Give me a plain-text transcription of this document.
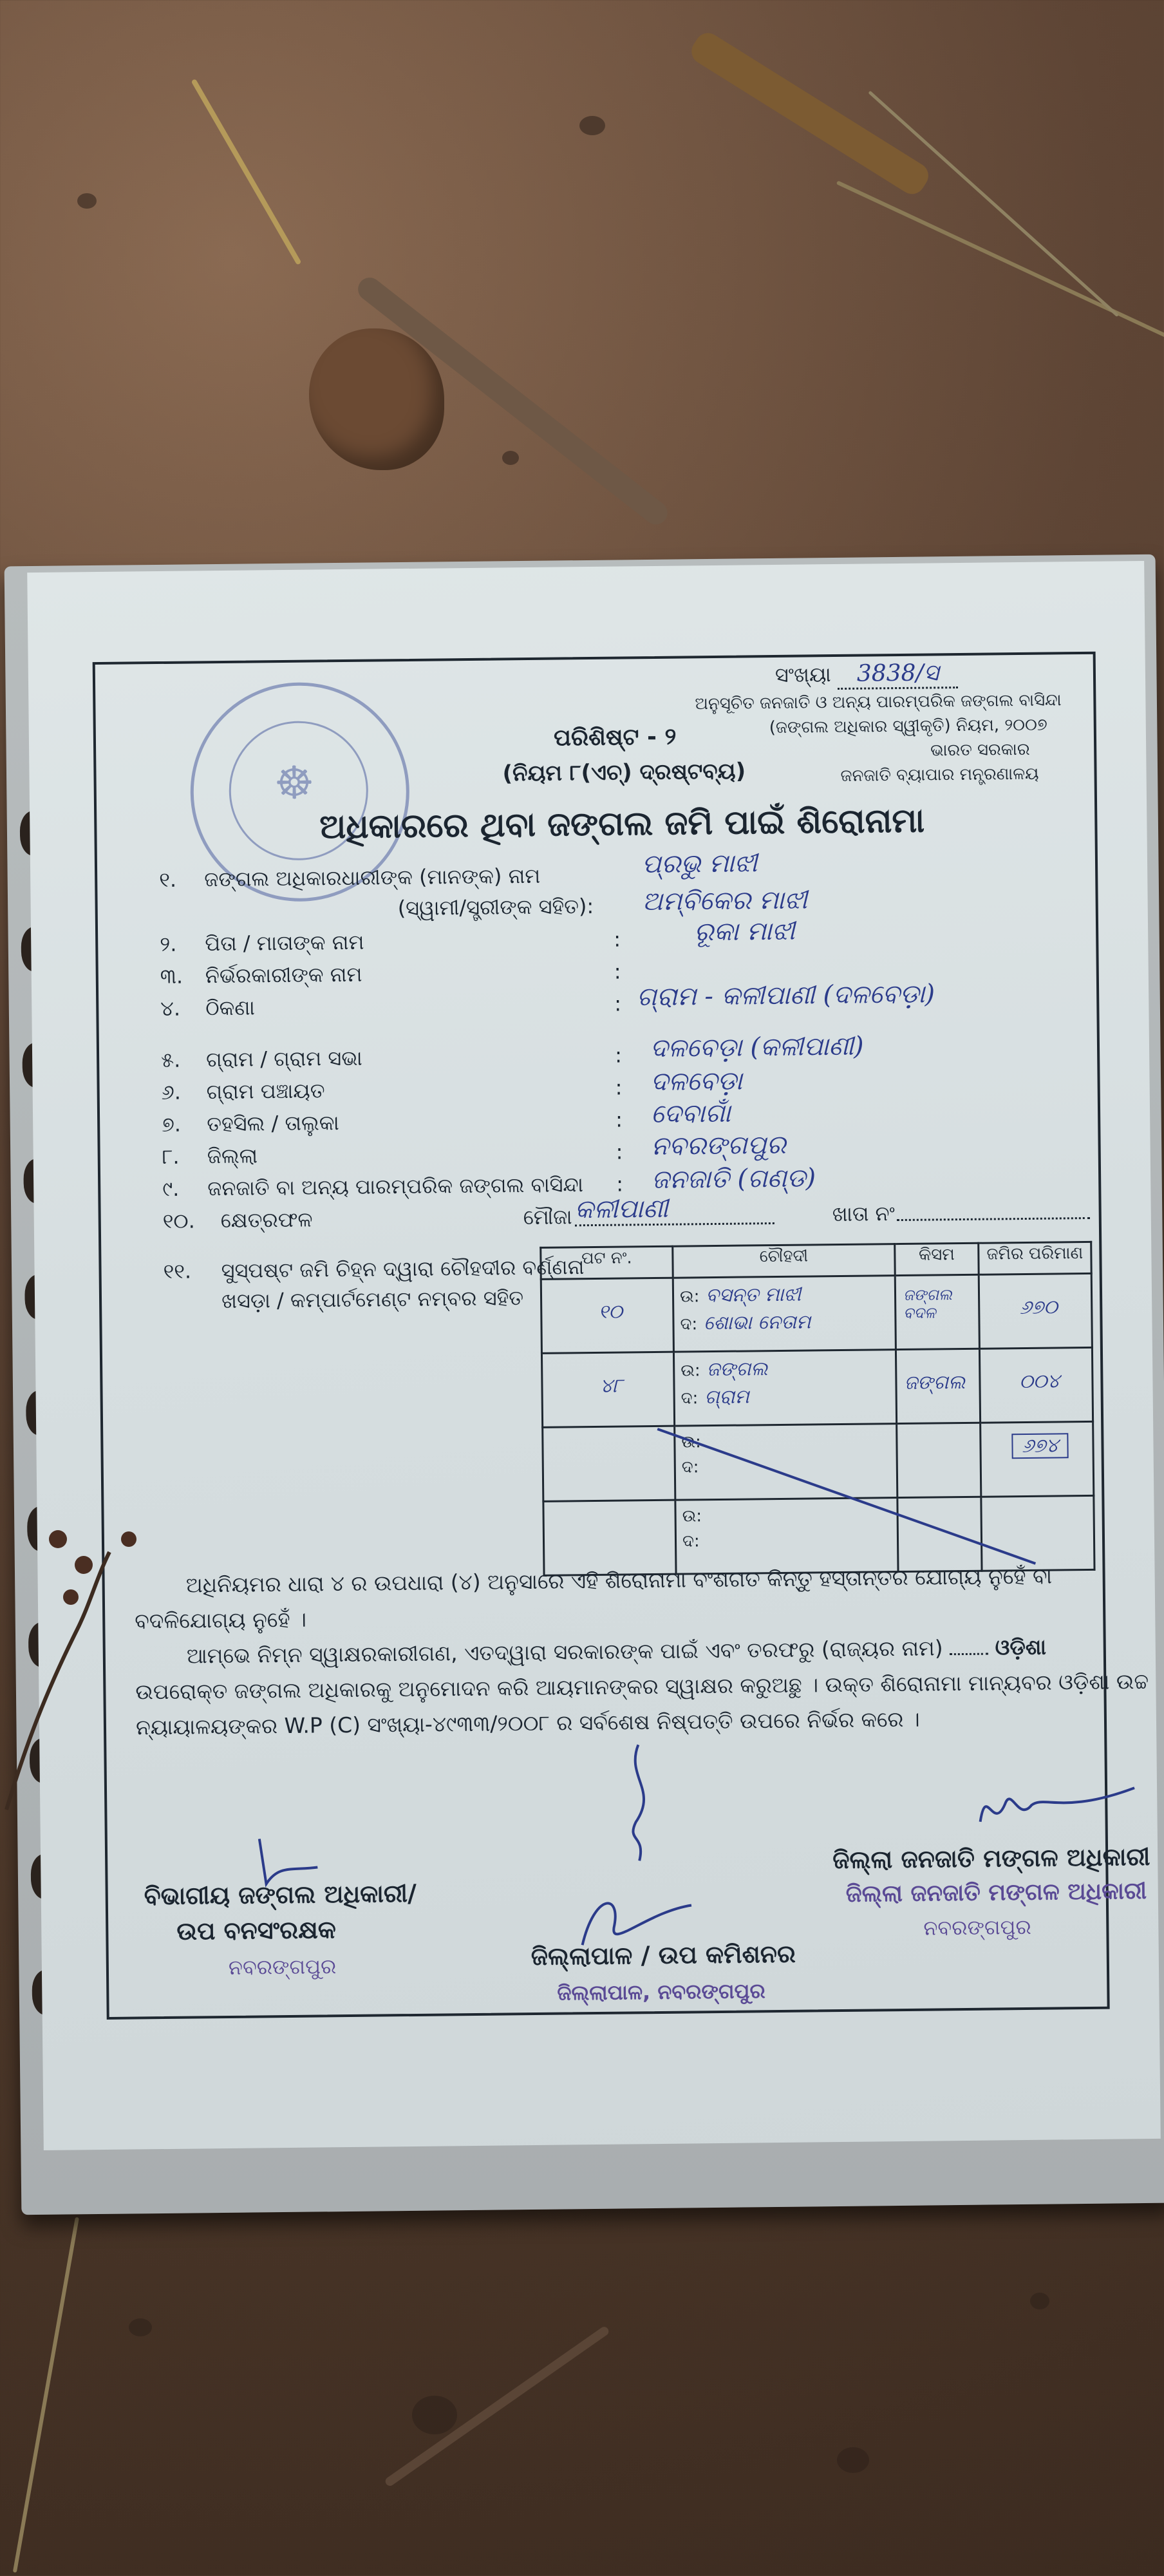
☸
ସଂଖ୍ୟା 3838/ସ
ଅନୁସୂଚିତ ଜନଜାତି ଓ ଅନ୍ୟ ପାରମ୍ପରିକ ଜଙ୍ଗଲ ବାସିନ୍ଦା
(ଜଙ୍ଗଲ ଅଧିକାର ସ୍ୱୀକୃତି) ନିୟମ, ୨୦୦୭
ଭାରତ ସରକାର
ଜନଜାତି ବ୍ୟାପାର ମନ୍ତ୍ରଣାଳୟ
ପରିଶିଷ୍ଟ - ୨
(ନିୟମ ୮(ଏଚ୍) ଦ୍ରଷ୍ଟବ୍ୟ)
ଅଧିକାରରେ ଥିବା ଜଙ୍ଗଲ ଜମି ପାଇଁ ଶିରୋନାମା
୧. ଜଙ୍ଗଲ ଅଧିକାରଧାରୀଙ୍କ (ମାନଙ୍କ) ନାମ	ପ୍ରଭୁ ମାଝୀ
(ସ୍ୱାମୀ/ସ୍ତ୍ରୀଙ୍କ ସହିତ): ଅମ୍ବିକେର ମାଝୀ
୨. ପିତା / ମାତାଙ୍କ ନାମ	:	ରୂକା ମାଝୀ
୩. ନିର୍ଭରକାରୀଙ୍କ ନାମ	:
୪. ଠିକଣା	: ଗ୍ରାମ - କଳୀପାଣୀ (ଦଳବେଡ଼ା)
୫. ଗ୍ରାମ / ଗ୍ରାମ ସଭା	: ଦଳବେଡ଼ା (କଳୀପାଣୀ)
୬. ଗ୍ରାମ ପଞ୍ଚାୟତ	: ଦଳବେଡ଼ା
୭. ତହସିଲ / ତାଲୁକା	: ଦେବାଗାଁ
୮. ଜିଲ୍ଲା	: ନବରଙ୍ଗପୁର
୯. ଜନଜାତି ବା ଅନ୍ୟ ପାରମ୍ପରିକ ଜଙ୍ଗଲ ବାସିନ୍ଦା : ଜନଜାତି (ଗଣ୍ଡ)
୧୦. କ୍ଷେତ୍ରଫଳ	ମୌଜା କଳୀପାଣୀ	ଖାତା ନଂ
୧୧. ସୁସ୍ପଷ୍ଟ ଜମି ଚିହ୍ନ ଦ୍ୱାରା ଚୌହଦୀର ବର୍ଣ୍ଣନା
ଖସଡ଼ା / କମ୍ପାର୍ଟମେଣ୍ଟ ନମ୍ବର ସହିତ
ପଟ ନଂ.	ଚୌହଦୀ	କିସମ	ଜମିର ପରିମାଣ
୧୦	ଉ: ବସନ୍ତ ମାଝୀ
ଦ: ଶୋଭା ନେତାମ	ଜଙ୍ଗଲ ବଦଳ	୬୭୦
୪୮	ଉ: ଜଙ୍ଗଲ
ଦ: ଗ୍ରାମ	ଜଙ୍ଗଲ	୦୦୪

	ଉ:
ଦ:		୬୭୪

	ଉ:
ଦ:		

ଅଧିନିୟମର ଧାରା ୪ ର ଉପଧାରା (୪) ଅନୁସାରେ ଏହି ଶିରୋନାମା ବଂଶଗତ କିନ୍ତୁ ହସ୍ତାନ୍ତର ଯୋଗ୍ୟ ନୁହେଁ ବା
ବଦଳିଯୋଗ୍ୟ ନୁହେଁ ।
ଆମ୍ଭେ ନିମ୍ନ ସ୍ୱାକ୍ଷରକାରୀଗଣ, ଏତଦ୍ୱାରା ସରକାରଙ୍କ ପାଇଁ ଏବଂ ତରଫରୁ (ରାଜ୍ୟର ନାମ) ଓଡ଼ିଶା
ଉପରୋକ୍ତ ଜଙ୍ଗଲ ଅଧିକାରକୁ ଅନୁମୋଦନ କରି ଆୟମାନଙ୍କର ସ୍ୱାକ୍ଷର କରୁଅଛୁ । ଉକ୍ତ ଶିରୋନାମା ମାନ୍ୟବର ଓଡ଼ିଶା ଉଚ୍ଚ
ନ୍ୟାୟାଳୟଙ୍କର W.P (C) ସଂଖ୍ୟା-୪୯୩୩/୨୦୦୮ ର ସର୍ବଶେଷ ନିଷ୍ପତ୍ତି ଉପରେ ନିର୍ଭର କରେ ।
ବିଭାଗୀୟ ଜଙ୍ଗଲ ଅଧିକାରୀ/
ଉପ ବନସଂରକ୍ଷକ
ନବରଙ୍ଗପୁର	ଜିଲ୍ଲାପାଳ / ଉପ କମିଶନର
ଜିଲ୍ଲାପାଳ, ନବରଙ୍ଗପୁର
ଜିଲ୍ଲା ଜନଜାତି ମଙ୍ଗଳ ଅଧିକାରୀ
ଜିଲ୍ଲା ଜନଜାତି ମଙ୍ଗଳ ଅଧିକାରୀ
ନବରଙ୍ଗପୁର
